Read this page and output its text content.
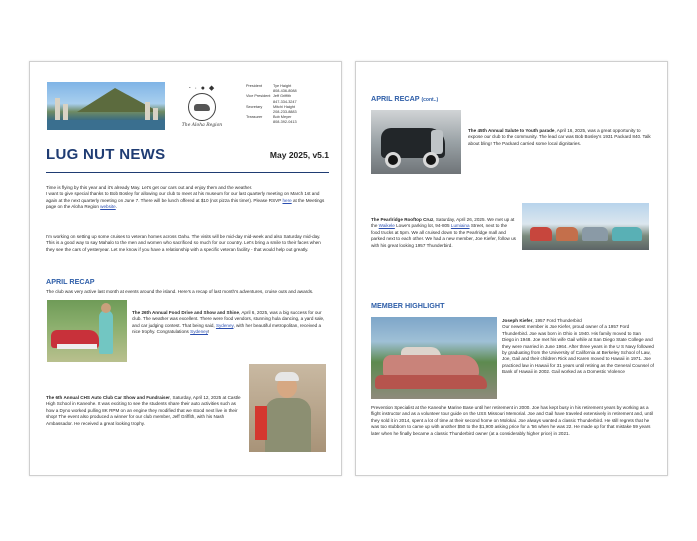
⋅ ∙ ● ◆
The Aloha Region
President	Tye Haight
808-436-8088
Vice President Jeff Griffith
847-334-3247
Secretary	Mitchi Haight
208-233-8883
Treasurer	Bob Meyer
808-392-0413
LUG NUT NEWS	May 2025, v5.1
Time is flying by this year and it's already May. Let's get our cars out and enjoy them and the weather.
I want to give special thanks to Bob Bosley for allowing our club to meet at his museum for our last quarterly meeting on March 1st and again at the next quarterly meeting on June 7. There will be lunch offered at $10 (not pizza this time!). Please RSVP here at the Meetings page on the Aloha Region website.
I'm working on setting up some cruises to veteran homes across Oahu. The visits will be mid-day mid-week and also Saturday mid-day. This is a good way to say Mahalo to the men and women who sacrificed so much for our country. Let's bring a smile to their faces when they see the cars of yesteryear. Let me know if you have a relationship with a specific veteran facility - that would help out greatly.
APRIL RECAP
The club was very active last month at events around the island. Here's a recap of last month's adventures, cruise outs and awards.
The 26th Annual Food Drive and Show and Shine, April 6, 2025, was a big success for our club. The weather was excellent. There were food vendors, stunning hula dancing, a yard sale, and car judging contest. That being said, Sydeney, with her beautiful metropolitan, received a nice trophy. Congratulations Sydeney!
The 6th Annual CHS Auto Club Car Show and Fundraiser, Saturday, April 12, 2025 at Castle High School in Kaneohe. It was exciting to see the students share their auto activities such as how a Dyno worked pulling 8K RPM on an engine they modified that we stood next live in their shop! The event also produced a winner for our club member, Jeff Griffith, with his Nash Ambassador. He received a great looking trophy.
APRIL RECAP (cont..)
The 45th Annual Salute to Youth parade, April 16, 2025, was a great opportunity to expose our club to the community. The lead car was Bob Bosley's 1931 Packard 840. Talk about bling! The Packard carried some local dignitaries.
The Pearlridge Rooftop Cruz, Saturday, April 26, 2025. We met up at the Waikele Lowe's parking lot, 94-805 Lumiaina Street, next to the food trucks at 5pm. We all cruised down to the Pearlridge mall and parked next to each other. We had a new member, Joe Kiefer, follow us with his great looking 1957 Thunderbird.
MEMBER HIGHLIGHT
Joseph Kiefer, 1957 Ford Thunderbird
Our newest member is Joe Kiefer, proud owner of a 1957 Ford Thunderbird. Joe was born in Ohio in 1940. His family moved to San Diego in 1948. Joe met his wife Gail while at San Diego State College and they were married in June 1964. After three years in the U S Navy followed by graduating from the University of California at Berkeley School of Law, Joe, Gail and their children Rick and Karen moved to Hawaii in 1971. Joe practiced law in Hawaii for 31 years until retiring as the General Counsel of Bank of Hawaii in 2002. Gail worked as a Domestic Violence
Prevention Specialist at the Kaneohe Marine Base until her retirement in 2000. Joe has kept busy in his retirement years by working as a flight instructor and as a volunteer tour guide on the USS Missouri Memorial. Joe and Gail have traveled extensively in retirement and, until they sold it in 2014, spent a lot of time at their second home on Molokai. Joe always wanted a classic Thunderbird. He still regrets that he was too stubborn to came up with another $50 to the $1,900 asking price for a '56 when he was 22. He made up for that mistake 59 years later when he finally became a classic Thunderbird owner (at a considerably higher price) in 2021.
